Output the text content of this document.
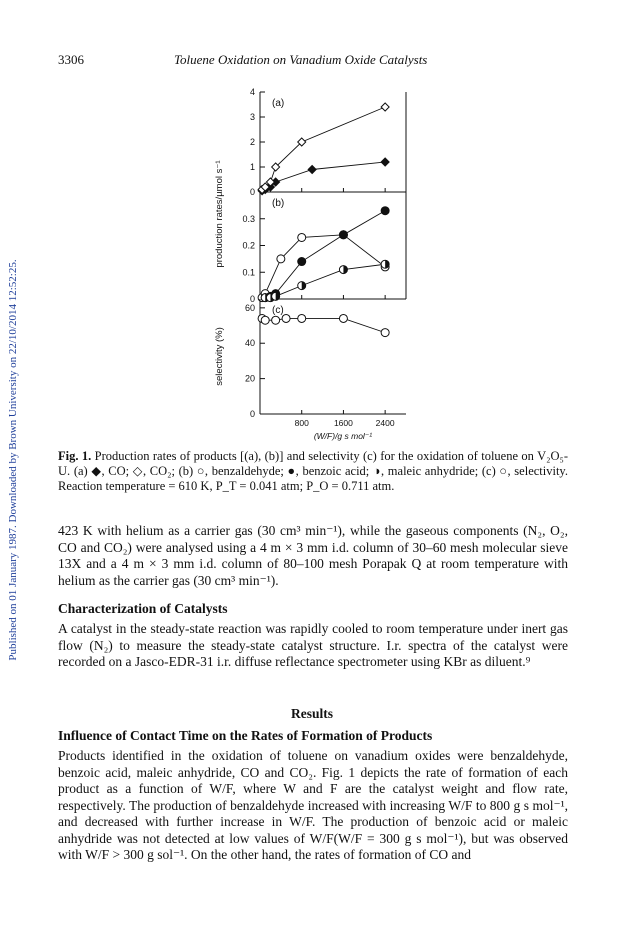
Published on 01 January 1987. Downloaded by Brown University on 22/10/2014 12:52:25.
3306	Toluene Oxidation on Vanadium Oxide Catalysts
0
1
2
3
4
(a)
production rates/µmol s⁻¹
0
0.1
0.2
0.3
(b)
0
20
40
60 (c)
selectivity (%)
800	1600	2400
(W/F)/g s mol⁻¹
Fig. 1. Production rates of products [(a), (b)] and selectivity (c) for the oxidation of toluene on V₂O₅-U. (a) ◆, CO; ◇, CO₂; (b) ○, benzaldehyde; ●, benzoic acid; ◑, maleic anhydride; (c) ○, selectivity. Reaction temperature = 610 K, P_T = 0.041 atm; P_O = 0.711 atm.

423 K with helium as a carrier gas (30 cm³ min⁻¹), while the gaseous components (N₂, O₂, CO and CO₂) were analysed using a 4 m × 3 mm i.d. column of 30–60 mesh molecular sieve 13X and a 4 m × 3 mm i.d. column of 80–100 mesh Porapak Q at room temperature with helium as the carrier gas (30 cm³ min⁻¹).

Characterization of Catalysts

A catalyst in the steady-state reaction was rapidly cooled to room temperature under inert gas flow (N₂) to measure the steady-state catalyst structure. I.r. spectra of the catalyst were recorded on a Jasco-EDR-31 i.r. diffuse reflectance spectrometer using KBr as diluent.⁹

Results

Influence of Contact Time on the Rates of Formation of Products

Products identified in the oxidation of toluene on vanadium oxides were benzaldehyde, benzoic acid, maleic anhydride, CO and CO₂. Fig. 1 depicts the rate of formation of each product as a function of W/F, where W and F are the catalyst weight and flow rate, respectively. The production of benzaldehyde increased with increasing W/F to 800 g s mol⁻¹, and decreased with further increase in W/F. The production of benzoic acid or maleic anhydride was not detected at low values of W/F(W/F = 300 g s mol⁻¹), but was observed with W/F > 300 g sol⁻¹. On the other hand, the rates of formation of CO and
